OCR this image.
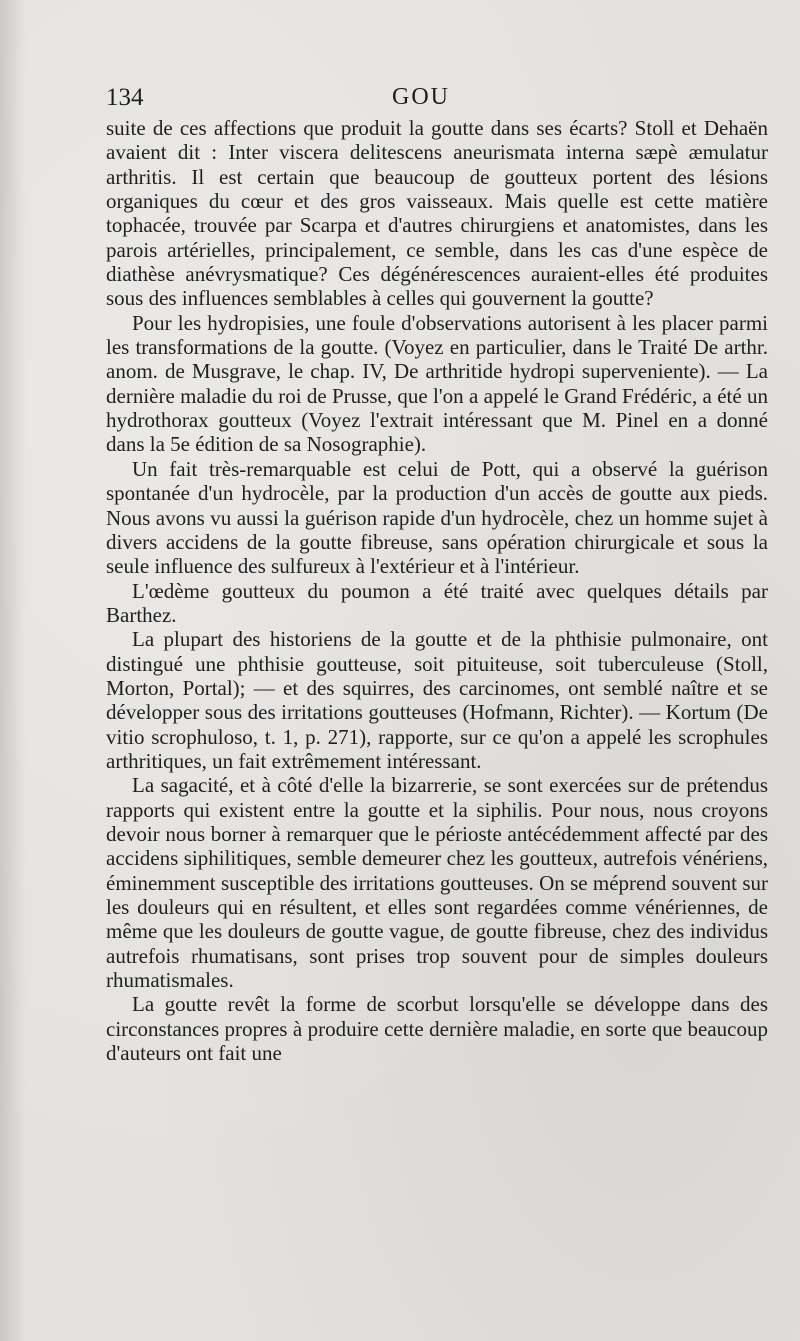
134	GOU

suite de ces affections que produit la goutte dans ses écarts? Stoll et Dehaën avaient dit : Inter viscera delitescens aneurismata interna sæpè æmulatur arthritis. Il est certain que beaucoup de goutteux portent des lésions organiques du cœur et des gros vaisseaux. Mais quelle est cette matière tophacée, trouvée par Scarpa et d'autres chirurgiens et anatomistes, dans les parois artérielles, principalement, ce semble, dans les cas d'une espèce de diathèse anévrysmatique? Ces dégénérescences auraient-elles été produites sous des influences semblables à celles qui gouvernent la goutte?

Pour les hydropisies, une foule d'observations autorisent à les placer parmi les transformations de la goutte. (Voyez en particulier, dans le Traité De arthr. anom. de Musgrave, le chap. IV, De arthritide hydropi superveniente). — La dernière maladie du roi de Prusse, que l'on a appelé le Grand Frédéric, a été un hydrothorax goutteux (Voyez l'extrait intéressant que M. Pinel en a donné dans la 5e édition de sa Nosographie).

Un fait très-remarquable est celui de Pott, qui a observé la guérison spontanée d'un hydrocèle, par la production d'un accès de goutte aux pieds. Nous avons vu aussi la guérison rapide d'un hydrocèle, chez un homme sujet à divers accidens de la goutte fibreuse, sans opération chirurgicale et sous la seule influence des sulfureux à l'extérieur et à l'intérieur.

L'œdème goutteux du poumon a été traité avec quelques détails par Barthez.

La plupart des historiens de la goutte et de la phthisie pulmonaire, ont distingué une phthisie goutteuse, soit pituiteuse, soit tuberculeuse (Stoll, Morton, Portal); — et des squirres, des carcinomes, ont semblé naître et se développer sous des irritations goutteuses (Hofmann, Richter). — Kortum (De vitio scrophuloso, t. 1, p. 271), rapporte, sur ce qu'on a appelé les scrophules arthritiques, un fait extrêmement intéressant.

La sagacité, et à côté d'elle la bizarrerie, se sont exercées sur de prétendus rapports qui existent entre la goutte et la siphilis. Pour nous, nous croyons devoir nous borner à remarquer que le périoste antécédemment affecté par des accidens siphilitiques, semble demeurer chez les goutteux, autrefois vénériens, éminemment susceptible des irritations goutteuses. On se méprend souvent sur les douleurs qui en résultent, et elles sont regardées comme vénériennes, de même que les douleurs de goutte vague, de goutte fibreuse, chez des individus autrefois rhumatisans, sont prises trop souvent pour de simples douleurs rhumatismales.

La goutte revêt la forme de scorbut lorsqu'elle se développe dans des circonstances propres à produire cette dernière maladie, en sorte que beaucoup d'auteurs ont fait une
